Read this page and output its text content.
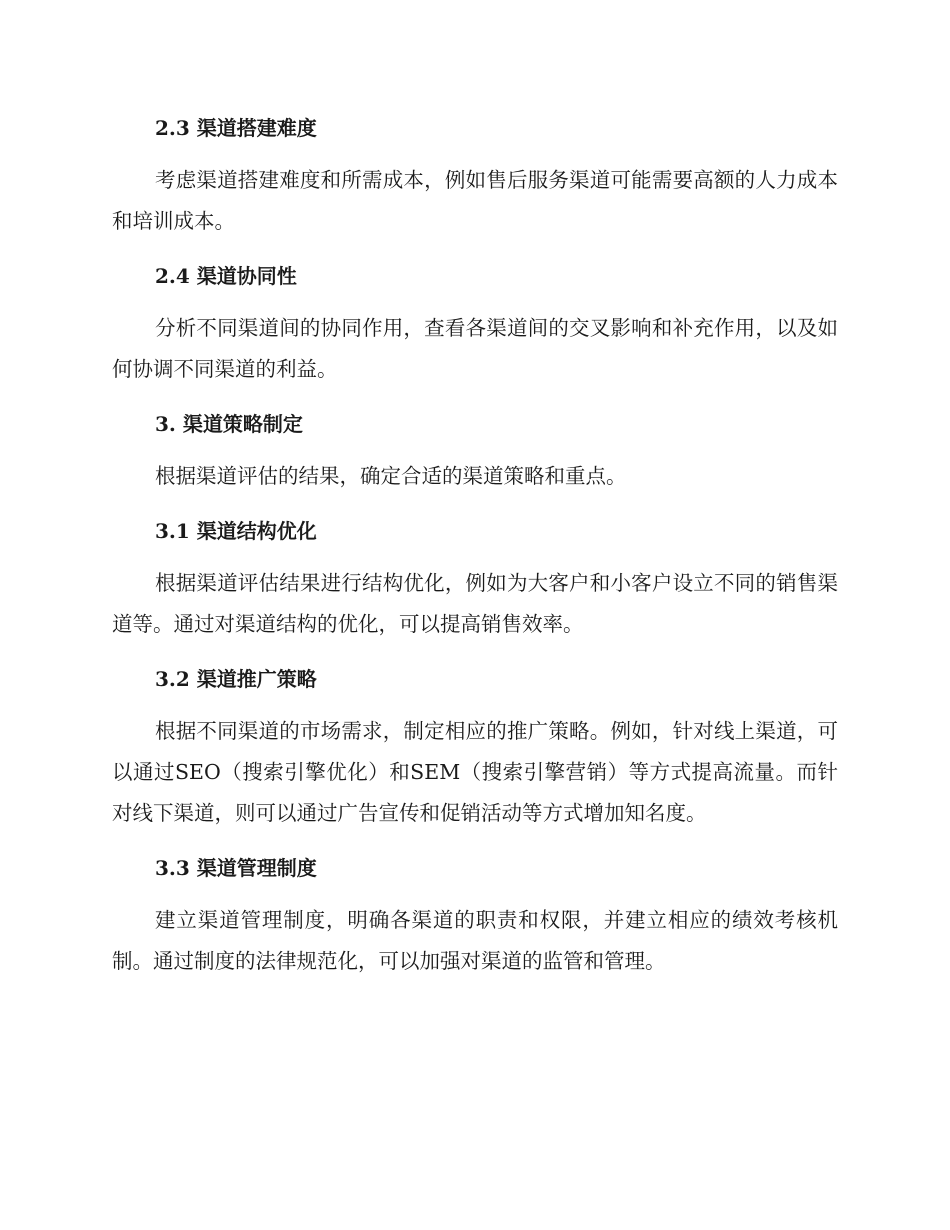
2.3 渠道搭建难度

考虑渠道搭建难度和所需成本，例如售后服务渠道可能需要高额的人力成本和培训成本。

2.4 渠道协同性

分析不同渠道间的协同作用，查看各渠道间的交叉影响和补充作用，以及如何协调不同渠道的利益。

3. 渠道策略制定

根据渠道评估的结果，确定合适的渠道策略和重点。

3.1 渠道结构优化

根据渠道评估结果进行结构优化，例如为大客户和小客户设立不同的销售渠道等。通过对渠道结构的优化，可以提高销售效率。

3.2 渠道推广策略

根据不同渠道的市场需求，制定相应的推广策略。例如，针对线上渠道，可以通过SEO（搜索引擎优化）和SEM（搜索引擎营销）等方式提高流量。而针对线下渠道，则可以通过广告宣传和促销活动等方式增加知名度。

3.3 渠道管理制度

建立渠道管理制度，明确各渠道的职责和权限，并建立相应的绩效考核机制。通过制度的法律规范化，可以加强对渠道的监管和管理。
